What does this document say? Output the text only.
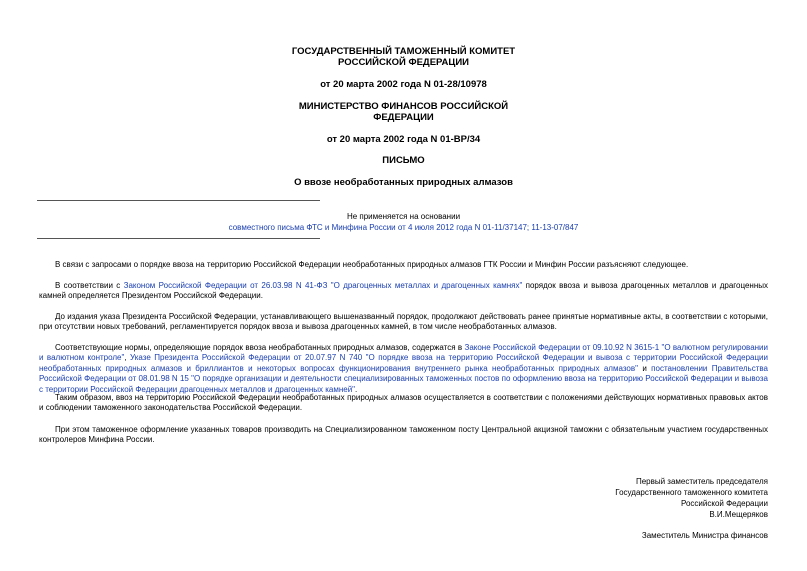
ГОСУДАРСТВЕННЫЙ ТАМОЖЕННЫЙ КОМИТЕТ
РОССИЙСКОЙ ФЕДЕРАЦИИ
от 20 марта 2002 года N 01-28/10978
МИНИСТЕРСТВО ФИНАНСОВ РОССИЙСКОЙ
ФЕДЕРАЦИИ
от 20 марта 2002 года N 01-ВР/34
ПИСЬМО
О ввозе необработанных природных алмазов
Не применяется на основании
совместного письма ФТС и Минфина России от 4 июля 2012 года N 01-11/37147; 11-13-07/847
В связи с запросами о порядке ввоза на территорию Российской Федерации необработанных природных алмазов ГТК России и Минфин России разъясняют следующее.
В соответствии с Законом Российской Федерации от 26.03.98 N 41-ФЗ "О драгоценных металлах и драгоценных камнях" порядок ввоза и вывоза драгоценных металлов и драгоценных камней определяется Президентом Российской Федерации.
До издания указа Президента Российской Федерации, устанавливающего вышеназванный порядок, продолжают действовать ранее принятые нормативные акты, в соответствии с которыми, при отсутствии новых требований, регламентируется порядок ввоза и вывоза драгоценных камней, в том числе необработанных алмазов.
Соответствующие нормы, определяющие порядок ввоза необработанных природных алмазов, содержатся в Законе Российской Федерации от 09.10.92 N 3615-1 "О валютном регулировании и валютном контроле", Указе Президента Российской Федерации от 20.07.97 N 740 "О порядке ввоза на территорию Российской Федерации и вывоза с территории Российской Федерации необработанных природных алмазов и бриллиантов и некоторых вопросах функционирования внутреннего рынка необработанных природных алмазов" и постановлении Правительства Российской Федерации от 08.01.98 N 15 "О порядке организации и деятельности специализированных таможенных постов по оформлению ввоза на территорию Российской Федерации и вывоза с территории Российской Федерации драгоценных металлов и драгоценных камней".
Таким образом, ввоз на территорию Российской Федерации необработанных природных алмазов осуществляется в соответствии с положениями действующих нормативных правовых актов и соблюдении таможенного законодательства Российской Федерации.
При этом таможенное оформление указанных товаров производить на Специализированном таможенном посту Центральной акцизной таможни с обязательным участием государственных контролеров Минфина России.
Первый заместитель председателя
Государственного таможенного комитета
Российской Федерации
В.И.Мещеряков
Заместитель Министра финансов
